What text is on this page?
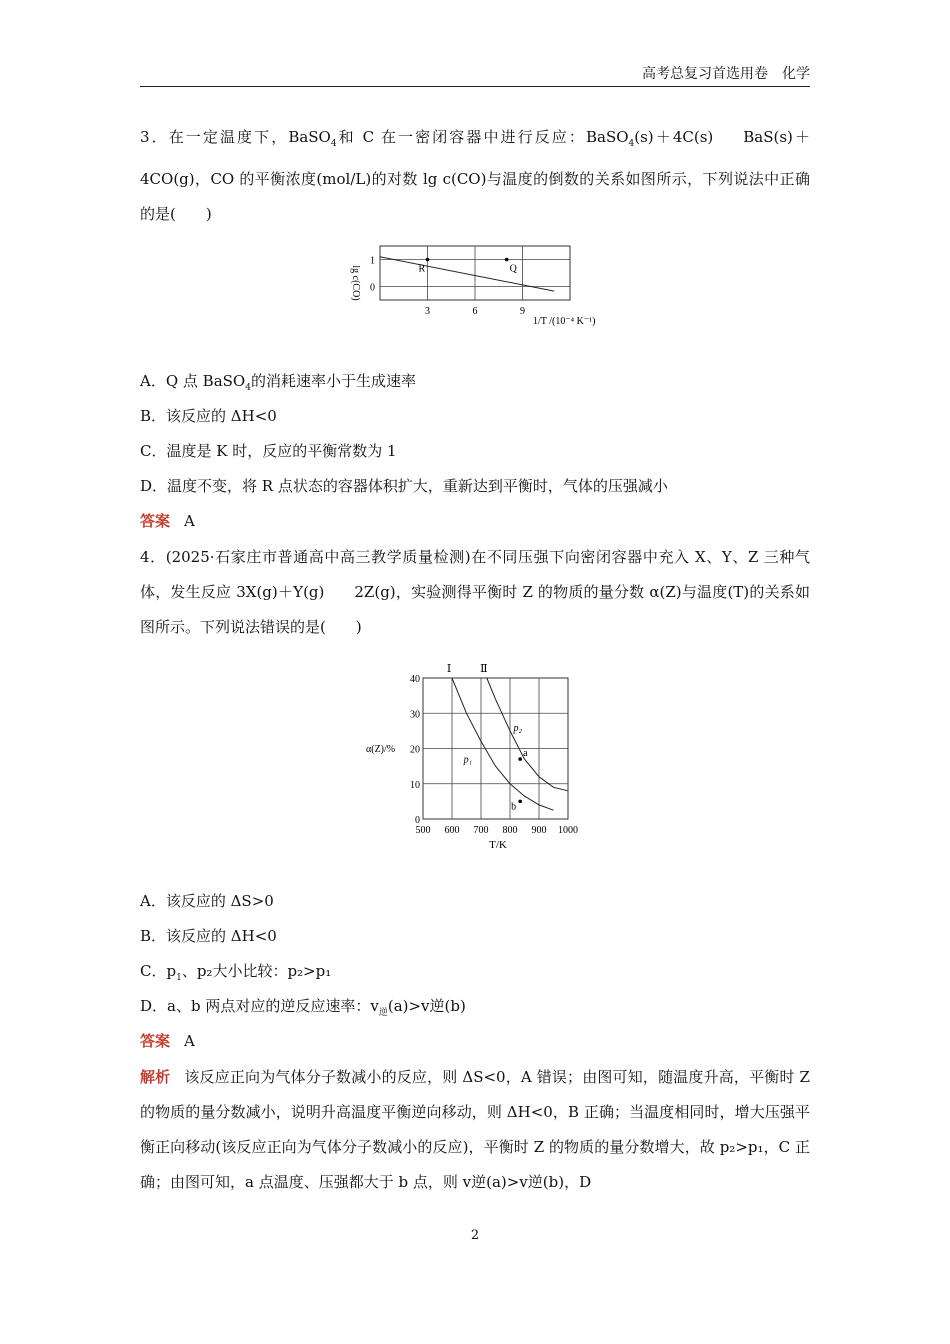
高考总复习首选用卷　化学
3．在一定温度下，BaSO$_4$和 C 在一密闭容器中进行反应：BaSO$_4$(s)＋4C(s) BaS(s)＋4CO(g)，CO 的平衡浓度(mol/L)的对数 lg c(CO)与温度的倒数的关系如图所示，下列说法中正确的是(　　)
3	6	9
1
0
R	Q
lg c(CO)
1/T /(10⁻⁴ K⁻¹)
A．Q 点 BaSO$_4$的消耗速率小于生成速率
B．该反应的 ΔH<0
C．温度是 K 时，反应的平衡常数为 1
D．温度不变，将 R 点状态的容器体积扩大，重新达到平衡时，气体的压强减小
答案 A
4．(2025·石家庄市普通高中高三教学质量检测)在不同压强下向密闭容器中充入 X、Y、Z 三种气体，发生反应 3X(g)＋Y(g) 2Z(g)，实验测得平衡时 Z 的物质的量分数 α(Z)与温度(T)的关系如图所示。下列说法错误的是(　　)
500 600 700 800 900 1000
0
10
20
30
40
Ⅰ	Ⅱ
p₁
p₂
a
b
α(Z)/%
T/K
A．该反应的 ΔS>0
B．该反应的 ΔH<0
C．$p_1$、p₂大小比较：p₂>p₁
D．a、b 两点对应的逆反应速率：$v_逆(a)>v$逆(b)
答案 A
解析 该反应正向为气体分子数减小的反应，则 ΔS<0，A 错误；由图可知，随温度升高，平衡时 Z 的物质的量分数减小，说明升高温度平衡逆向移动，则 ΔH<0，B 正确；当温度相同时，增大压强平衡正向移动(该反应正向为气体分子数减小的反应)，平衡时 Z 的物质的量分数增大，故 p₂>p₁，C 正确；由图可知，a 点温度、压强都大于 b 点，则 v逆(a)>v逆(b)，D
2
